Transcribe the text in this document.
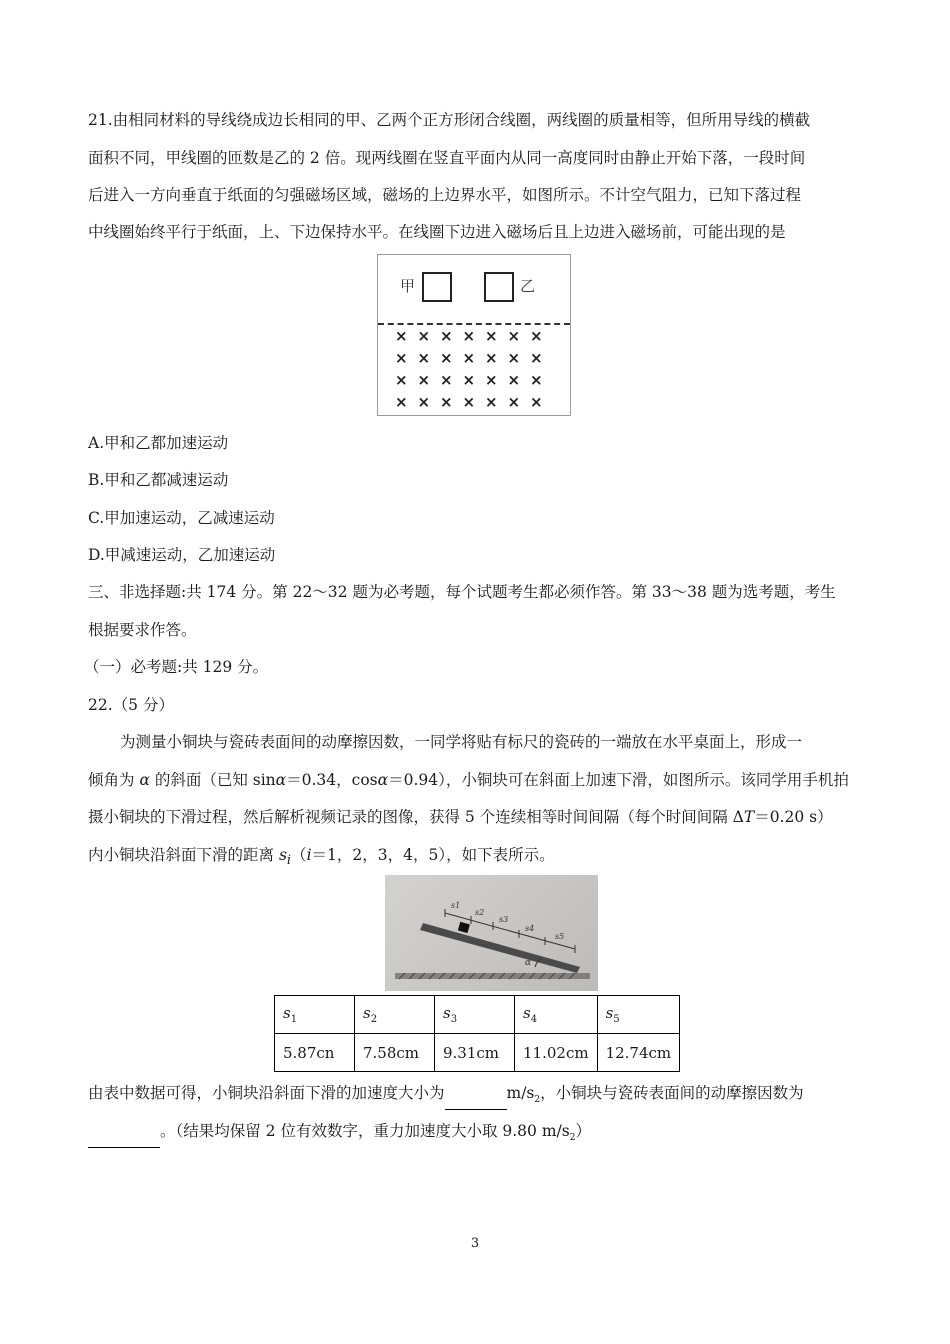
21.由相同材料的导线绕成边长相同的甲、乙两个正方形闭合线圈，两线圈的质量相等，但所用导线的横截
面积不同，甲线圈的匝数是乙的 2 倍。现两线圈在竖直平面内从同一高度同时由静止开始下落，一段时间
后进入一方向垂直于纸面的匀强磁场区域，磁场的上边界水平，如图所示。不计空气阻力，已知下落过程
中线圈始终平行于纸面，上、下边保持水平。在线圈下边进入磁场后且上边进入磁场前，可能出现的是
甲	乙
× × × × × × ×
× × × × × × ×
× × × × × × ×
× × × × × × ×
A.甲和乙都加速运动
B.甲和乙都减速运动
C.甲加速运动，乙减速运动
D.甲减速运动，乙加速运动
三、非选择题:共 174 分。第 22～32 题为必考题，每个试题考生都必须作答。第 33～38 题为选考题，考生
根据要求作答。
（一）必考题:共 129 分。
22.（5 分）
为测量小铜块与瓷砖表面间的动摩擦因数，一同学将贴有标尺的瓷砖的一端放在水平桌面上，形成一
倾角为 α 的斜面（已知 sinα＝0.34，cosα＝0.94），小铜块可在斜面上加速下滑，如图所示。该同学用手机拍
摄小铜块的下滑过程，然后解析视频记录的图像，获得 5 个连续相等时间间隔（每个时间间隔 ΔT＝0.20 s）
内小铜块沿斜面下滑的距离 $s_i(i=1$，2，3，4，5），如下表所示。
s1
s2
s3
s4
s5
α
$s_1$	$s_2$	$s_3$	$s_4$	$s_5$
5.87cn	7.58cm	9.31cm	11.02cm	12.74cm
由表中数据可得，小铜块沿斜面下滑的加速度大小为	$m/s_2$，小铜块与瓷砖表面间的动摩擦因数为
。（结果均保留 2 位有效数字，重力加速度大小取 9.80 $m/s_2$）
3
